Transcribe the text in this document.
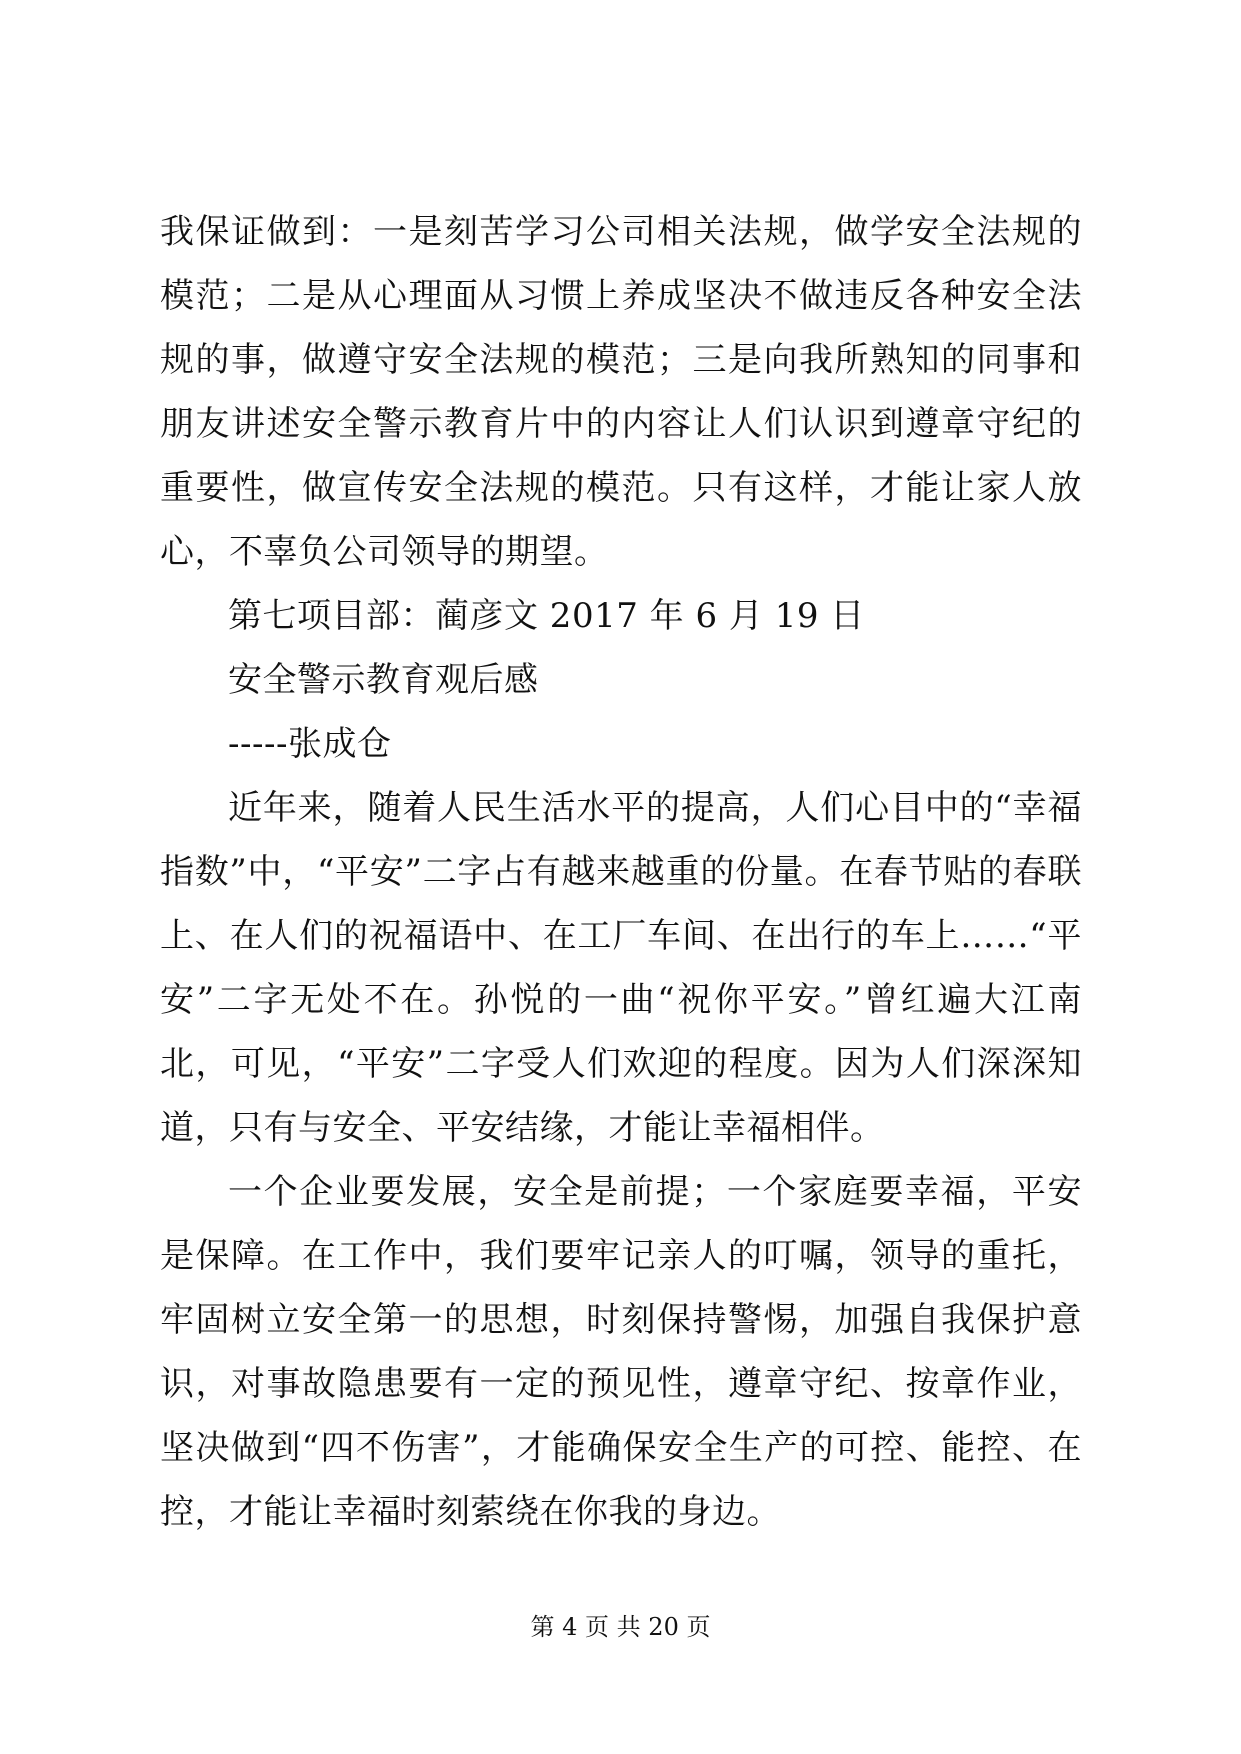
我保证做到：一是刻苦学习公司相关法规，做学安全法规的模范；二是从心理面从习惯上养成坚决不做违反各种安全法规的事，做遵守安全法规的模范；三是向我所熟知的同事和朋友讲述安全警示教育片中的内容让人们认识到遵章守纪的重要性，做宣传安全法规的模范。只有这样，才能让家人放心，不辜负公司领导的期望。

第七项目部：蔺彦文 2017 年 6 月 19 日

安全警示教育观后感

-----张成仓

近年来，随着人民生活水平的提高，人们心目中的“幸福指数”中，“平安”二字占有越来越重的份量。在春节贴的春联上、在人们的祝福语中、在工厂车间、在出行的车上……“平安”二字无处不在。孙悦的一曲“祝你平安。”曾红遍大江南北，可见，“平安”二字受人们欢迎的程度。因为人们深深知道，只有与安全、平安结缘，才能让幸福相伴。

一个企业要发展，安全是前提；一个家庭要幸福，平安是保障。在工作中，我们要牢记亲人的叮嘱，领导的重托，牢固树立安全第一的思想，时刻保持警惕，加强自我保护意识，对事故隐患要有一定的预见性，遵章守纪、按章作业，坚决做到“四不伤害”，才能确保安全生产的可控、能控、在控，才能让幸福时刻萦绕在你我的身边。

第 4 页 共 20 页
